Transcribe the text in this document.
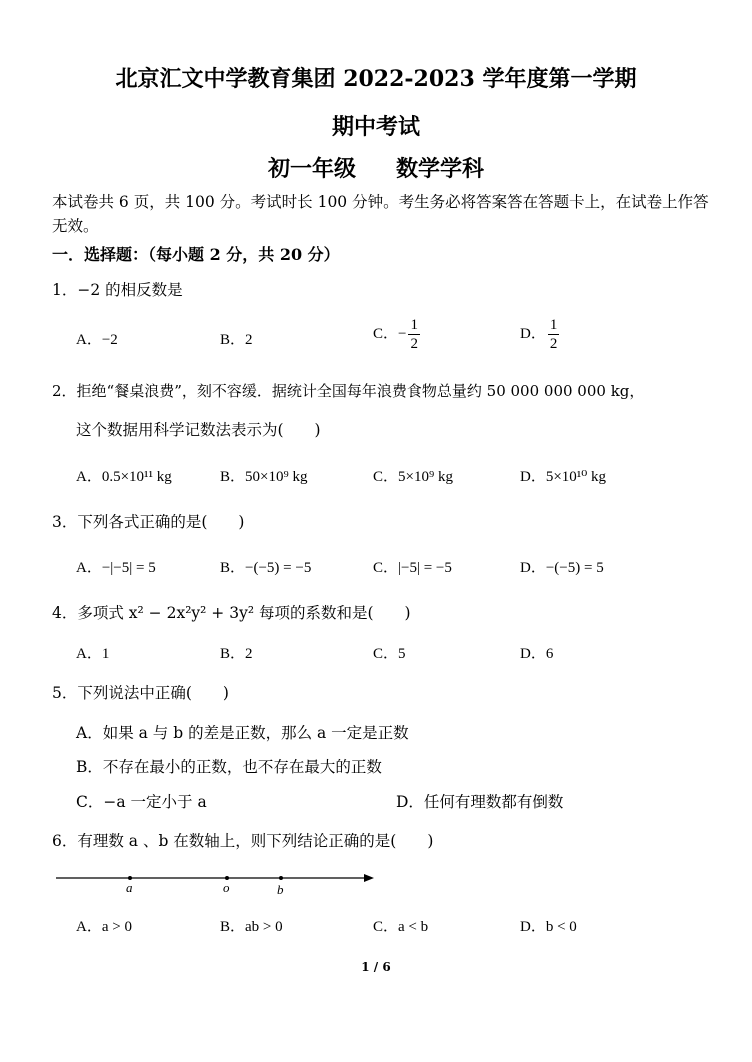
北京汇文中学教育集团 2022-2023 学年度第一学期
期中考试
初一年级 数学学科
本试卷共 6 页，共 100 分。考试时长 100 分钟。考生务必将答案答在答题卡上，在试卷上作答无效。
一．选择题：（每小题 2 分，共 20 分）
1．−2 的相反数是
A．−2	B．2	C．− $\frac{1}{2}$	D． $\frac{1}{2}$
2．拒绝“餐桌浪费”，刻不容缓．据统计全国每年浪费食物总量约 50 000 000 000 kg，
这个数据用科学记数法表示为(　　)
A．0.5×10¹¹ kg	B．50×10⁹ kg	C．5×10⁹ kg	D．5×10¹⁰ kg
3．下列各式正确的是(　　)
A．−|−5| = 5	B．−(−5) = −5	C．|−5| = −5	D．−(−5) = 5
4．多项式 x² − 2x²y² + 3y² 每项的系数和是(　　)
A．1	B．2	C．5	D．6
5．下列说法中正确(　　)
A．如果 a 与 b 的差是正数，那么 a 一定是正数
B．不存在最小的正数，也不存在最大的正数
C．−a 一定小于 a	D．任何有理数都有倒数
6．有理数 a 、b 在数轴上，则下列结论正确的是(　　)
a	o	b
A．a > 0	B．ab > 0	C．a < b	D．b < 0
1 / 6
